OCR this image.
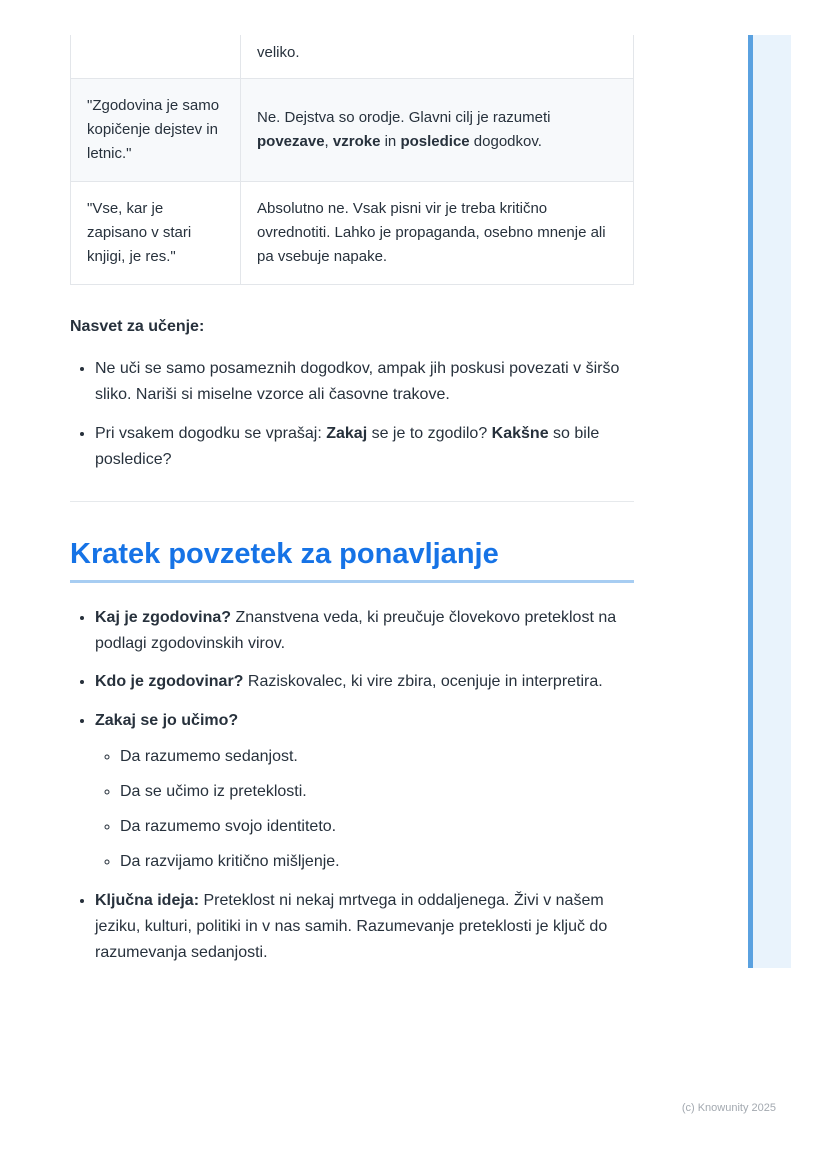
	veliko.
"Zgodovina je samo kopičenje dejstev in letnic."	Ne. Dejstva so orodje. Glavni cilj je razumeti povezave, vzroke in posledice dogodkov.
"Vse, kar je zapisano v stari knjigi, je res."	Absolutno ne. Vsak pisni vir je treba kritično ovrednotiti. Lahko je propaganda, osebno mnenje ali pa vsebuje napake.

Nasvet za učenje:

• Ne uči se samo posameznih dogodkov, ampak jih poskusi povezati v širšo sliko. Nariši si miselne vzorce ali časovne trakove.
• Pri vsakem dogodku se vprašaj: Zakaj se je to zgodilo? Kakšne so bile posledice?
Kratek povzetek za ponavljanje
• Kaj je zgodovina? Znanstvena veda, ki preučuje človekovo preteklost na podlagi zgodovinskih virov.
• Kdo je zgodovinar? Raziskovalec, ki vire zbira, ocenjuje in interpretira.
• Zakaj se jo učimo?
◦ Da razumemo sedanjost.
◦ Da se učimo iz preteklosti.
◦ Da razumemo svojo identiteto.
◦ Da razvijamo kritično mišljenje.
• Ključna ideja: Preteklost ni nekaj mrtvega in oddaljenega. Živi v našem jeziku, kulturi, politiki in v nas samih. Razumevanje preteklosti je ključ do razumevanja sedanjosti.
(c) Knowunity 2025
